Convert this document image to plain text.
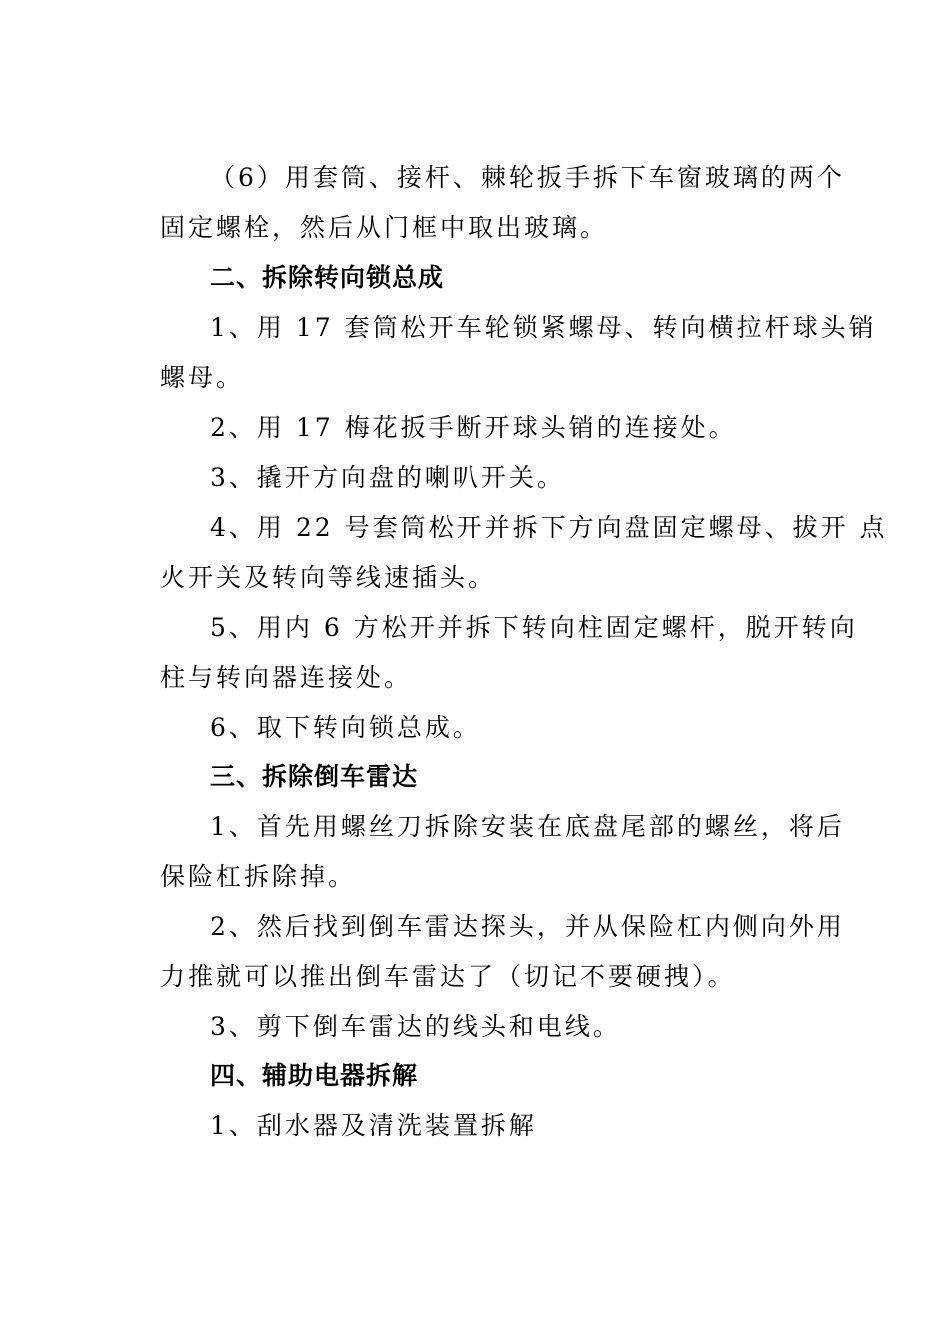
（6）用套筒、接杆、棘轮扳手拆下车窗玻璃的两个
固定螺栓，然后从门框中取出玻璃。
二、拆除转向锁总成
1、用 17 套筒松开车轮锁紧螺母、转向横拉杆球头销
螺母。
2、用 17 梅花扳手断开球头销的连接处。
3、撬开方向盘的喇叭开关。
4、用 22 号套筒松开并拆下方向盘固定螺母、拔开 点
火开关及转向等线速插头。
5、用内 6 方松开并拆下转向柱固定螺杆，脱开转向
柱与转向器连接处。
6、取下转向锁总成。
三、拆除倒车雷达
1、首先用螺丝刀拆除安装在底盘尾部的螺丝，将后
保险杠拆除掉。
2、然后找到倒车雷达探头，并从保险杠内侧向外用
力推就可以推出倒车雷达了（切记不要硬拽）。
3、剪下倒车雷达的线头和电线。
四、辅助电器拆解
1、刮水器及清洗装置拆解
